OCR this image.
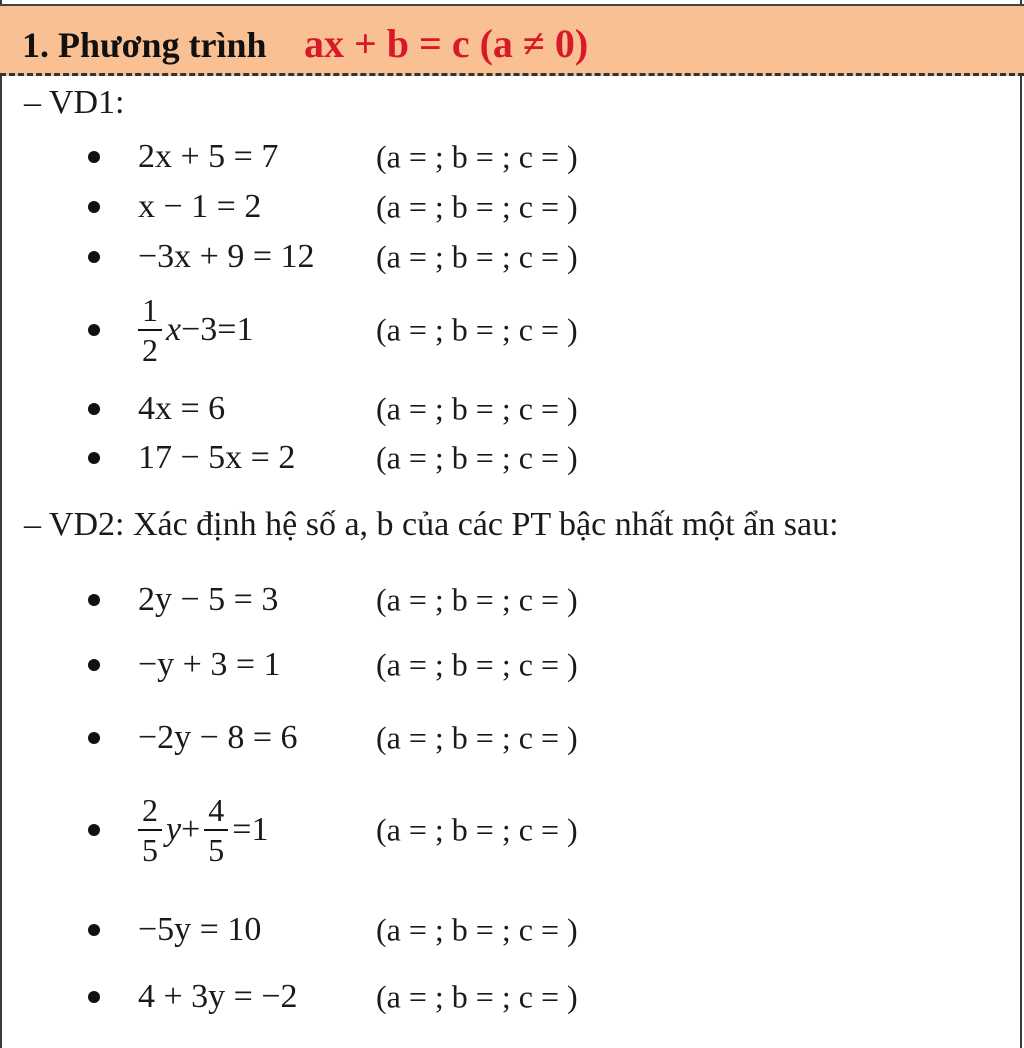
1. Phương trình ax + b = c (a ≠ 0)
– VD1:
2x + 5 = 7	(a = ; b = ; c = )
x − 1 = 2	(a = ; b = ; c = )
−3x + 9 = 12 (a = ; b = ; c = )
$\frac{1}{2}$ x −3=1	(a = ; b = ; c = )
4x = 6	(a = ; b = ; c = )
17 − 5x = 2	(a = ; b = ; c = )
– VD2: Xác định hệ số a, b của các PT bậc nhất một ẩn sau:
2y − 5 = 3	(a = ; b = ; c = )
−y + 3 = 1	(a = ; b = ; c = )
−2y − 8 = 6 (a = ; b = ; c = )
$\frac{2}{5}$ $y + \frac{4}{5} =1$	(a = ; b = ; c = )
−5y = 10	(a = ; b = ; c = )
4 + 3y = −2 (a = ; b = ; c = )
